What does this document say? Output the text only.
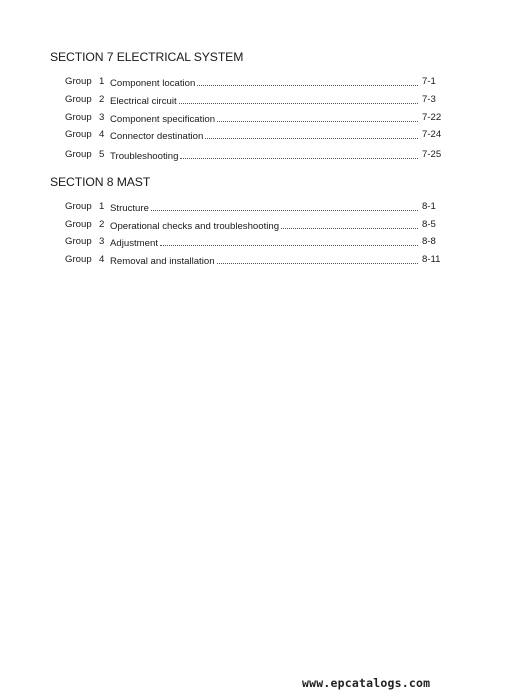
SECTION 7 ELECTRICAL SYSTEM
Group 1 Component location	7-1
Group 2 Electrical circuit	7-3
Group 3 Component specification	7-22
Group 4 Connector destination	7-24
Group 5 Troubleshooting	7-25
SECTION 8 MAST
Group 1 Structure	8-1
Group 2 Operational checks and troubleshooting	8-5
Group 3 Adjustment	8-8
Group 4 Removal and installation	8-11
www.epcatalogs.com
